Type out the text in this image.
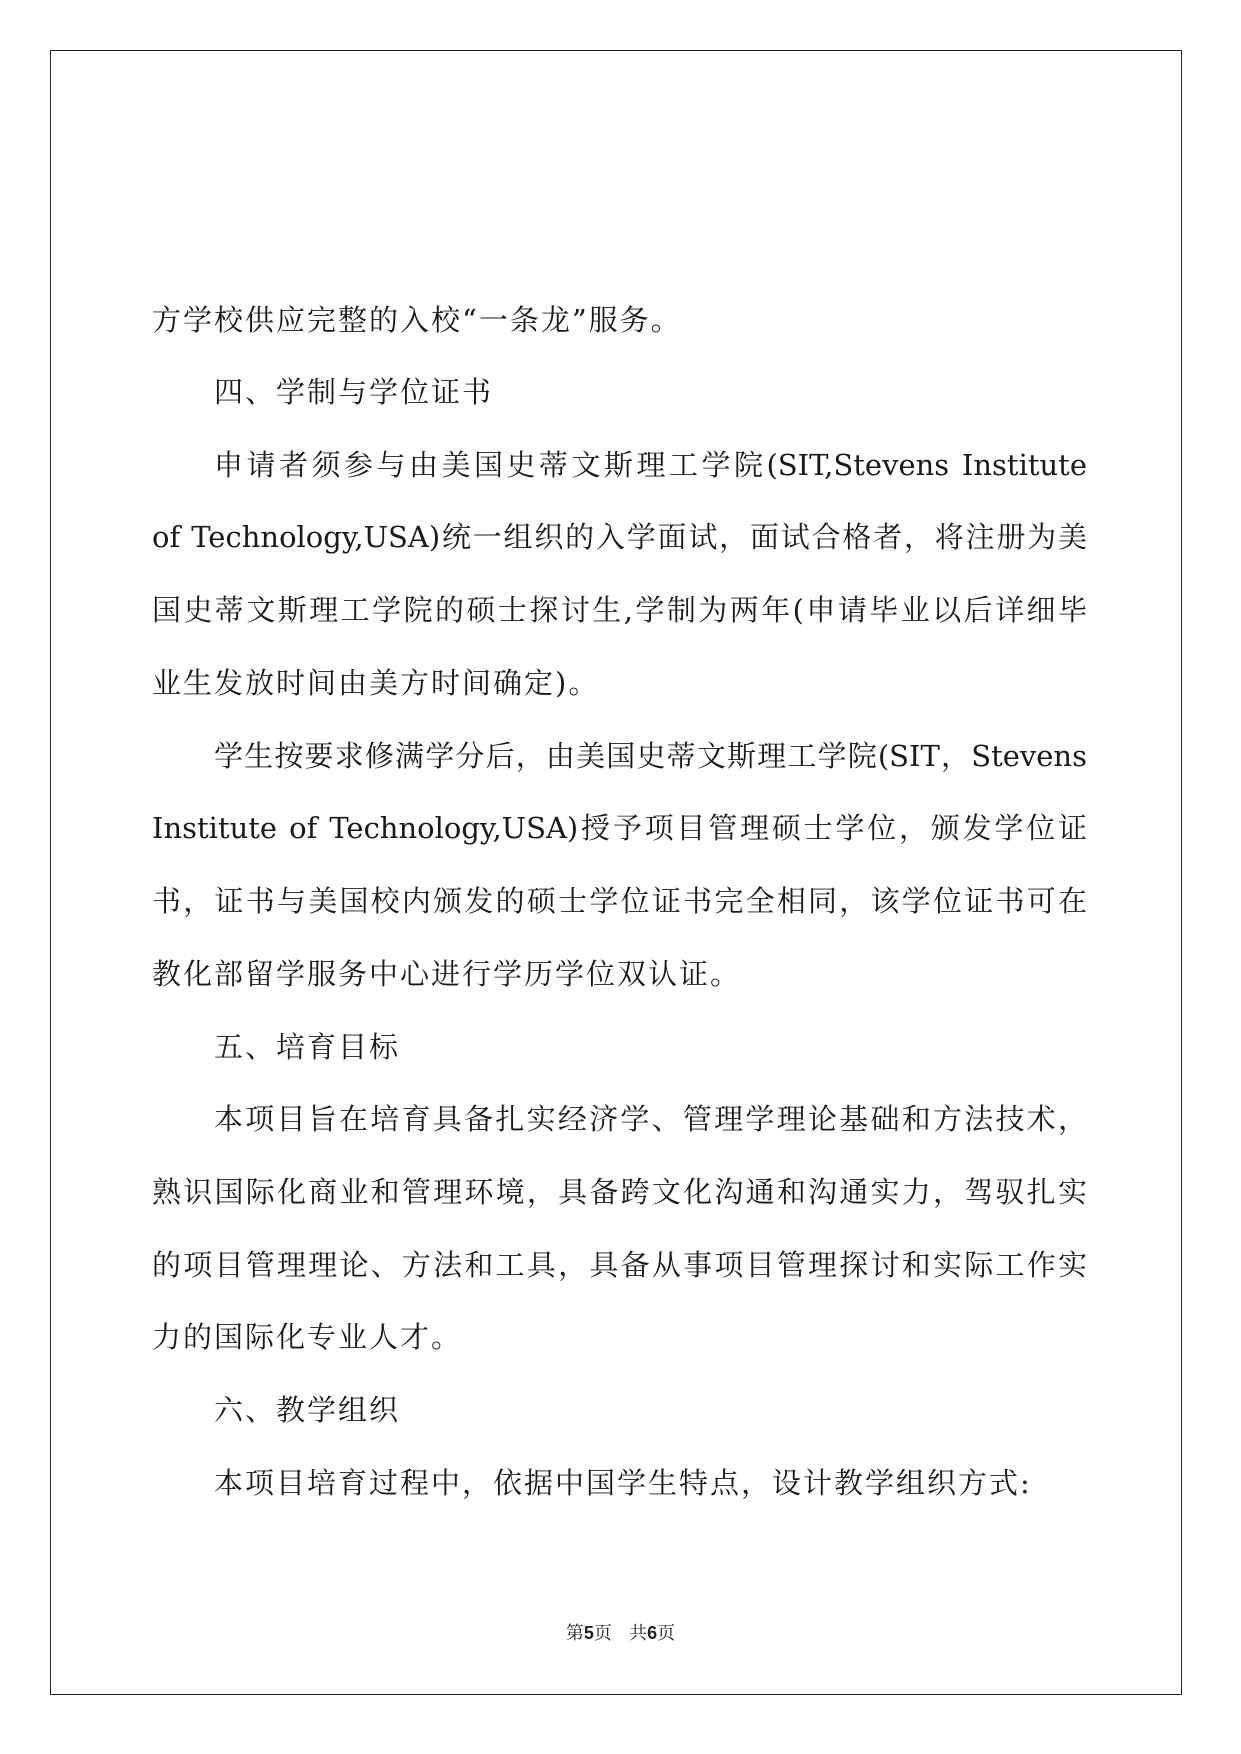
方学校供应完整的入校“一条龙”服务。
四、学制与学位证书
申请者须参与由美国史蒂文斯理工学院(SIT,Stevens Institute
of Technology,USA)统一组织的入学面试，面试合格者，将注册为美
国史蒂文斯理工学院的硕士探讨生,学制为两年(申请毕业以后详细毕
业生发放时间由美方时间确定)。
学生按要求修满学分后，由美国史蒂文斯理工学院(SIT，Stevens
Institute of Technology,USA)授予项目管理硕士学位，颁发学位证
书，证书与美国校内颁发的硕士学位证书完全相同，该学位证书可在
教化部留学服务中心进行学历学位双认证。
五、培育目标
本项目旨在培育具备扎实经济学、管理学理论基础和方法技术，
熟识国际化商业和管理环境，具备跨文化沟通和沟通实力，驾驭扎实
的项目管理理论、方法和工具，具备从事项目管理探讨和实际工作实
力的国际化专业人才。
六、教学组织
本项目培育过程中，依据中国学生特点，设计教学组织方式:
第5页 共6页
